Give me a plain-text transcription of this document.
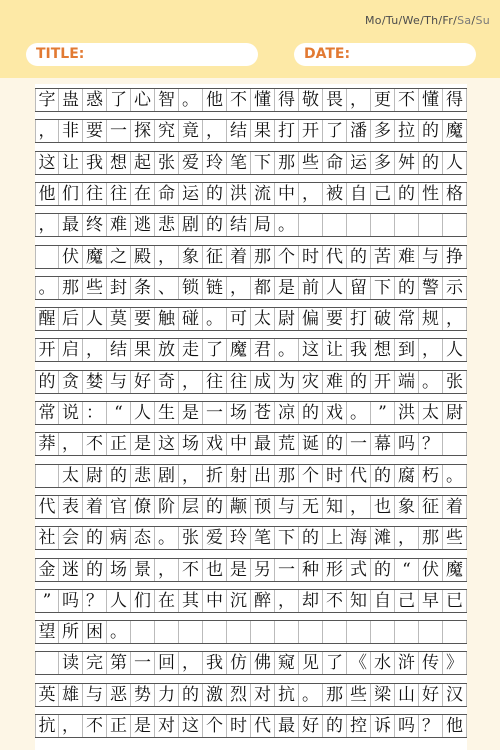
Mo/Tu/We/Th/Fr/Sa/Su
TITLE:	DATE:
字 蛊 惑 了 心 智 。 他 不 懂 得 敬 畏 ， 更 不 懂 得
， 非 要 一 探 究 竟 ， 结 果 打 开 了 潘 多 拉 的 魔
这 让 我 想 起 张 爱 玲 笔 下 那 些 命 运 多 舛 的 人
他 们 往 往 在 命 运 的 洪 流 中 ， 被 自 己 的 性 格
， 最 终 难 逃 悲 剧 的 结 局 。
伏 魔 之 殿 ， 象 征 着 那 个 时 代 的 苦 难 与 挣
。 那 些 封 条 、 锁 链 ， 都 是 前 人 留 下 的 警 示
醒 后 人 莫 要 触 碰 。 可 太 尉 偏 要 打 破 常 规 ，
开 启 ， 结 果 放 走 了 魔 君 。 这 让 我 想 到 ， 人
的 贪 婪 与 好 奇 ， 往 往 成 为 灾 难 的 开 端 。 张
常 说 ： “ 人 生 是 一 场 苍 凉 的 戏 。 ” 洪 太 尉
莽 ， 不 正 是 这 场 戏 中 最 荒 诞 的 一 幕 吗 ？
太 尉 的 悲 剧 ， 折 射 出 那 个 时 代 的 腐 朽 。
代 表 着 官 僚 阶 层 的 颟 顸 与 无 知 ， 也 象 征 着
社 会 的 病 态 。 张 爱 玲 笔 下 的 上 海 滩 ， 那 些
金 迷 的 场 景 ， 不 也 是 另 一 种 形 式 的 “ 伏 魔
” 吗 ？ 人 们 在 其 中 沉 醉 ， 却 不 知 自 己 早 已
望 所 困 。
读 完 第 一 回 ， 我 仿 佛 窥 见 了 《 水 浒 传 》
英 雄 与 恶 势 力 的 激 烈 对 抗 。 那 些 梁 山 好 汉
抗 ， 不 正 是 对 这 个 时 代 最 好 的 控 诉 吗 ？ 他
